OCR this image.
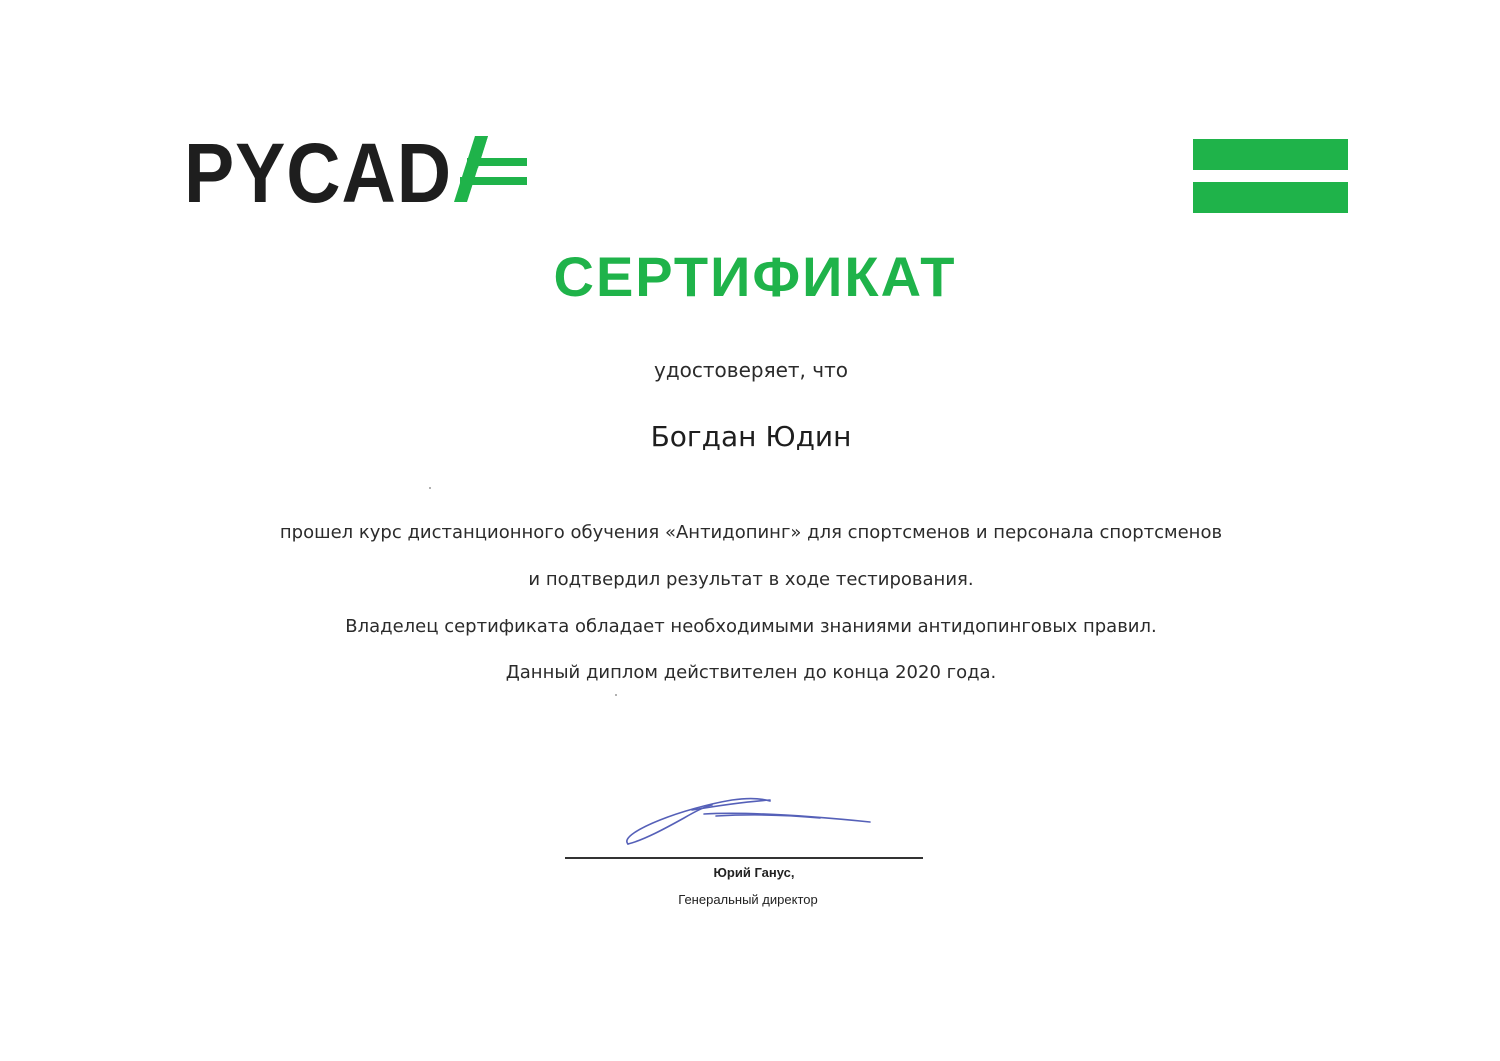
PYCAD
СЕРТИФИКАТ
удостоверяет, что
Богдан Юдин
прошел курс дистанционного обучения «Антидопинг» для спортсменов и персонала спортсменов
и подтвердил результат в ходе тестирования.
Владелец сертификата обладает необходимыми знаниями антидопинговых правил.
Данный диплом действителен до конца 2020 года.
Юрий Ганус,
Генеральный директор
